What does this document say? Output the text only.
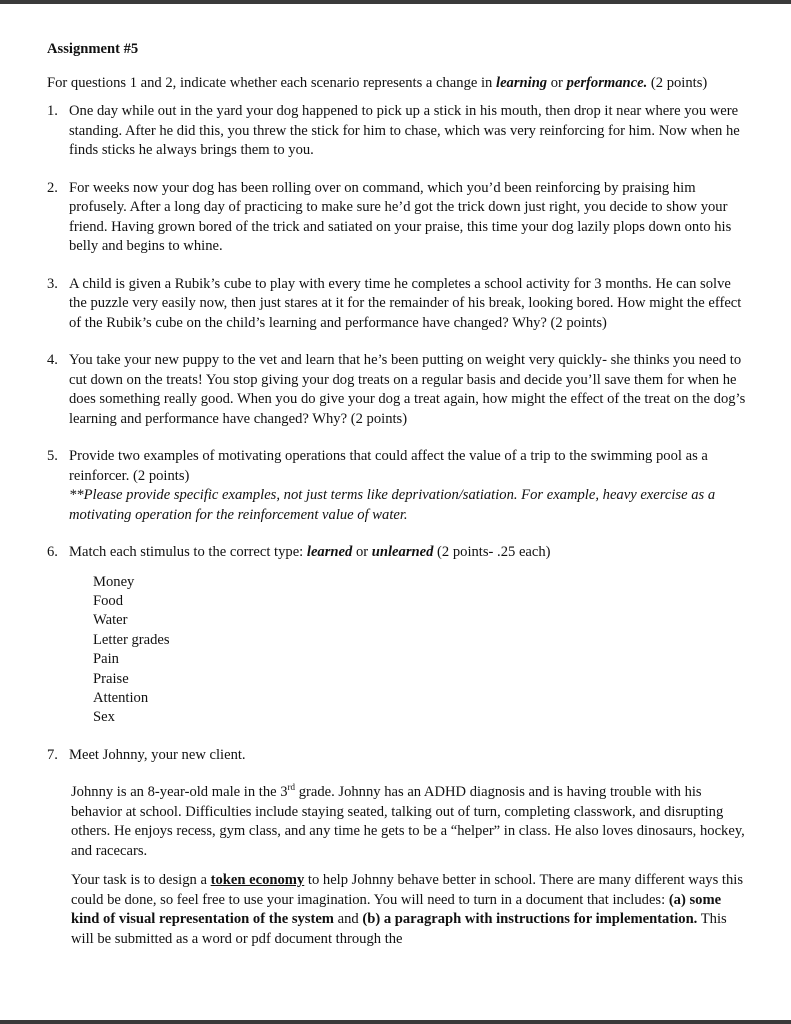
Assignment #5

For questions 1 and 2, indicate whether each scenario represents a change in learning or performance. (2 points)

1. One day while out in the yard your dog happened to pick up a stick in his mouth, then drop it near where you were standing. After he did this, you threw the stick for him to chase, which was very reinforcing for him. Now when he finds sticks he always brings them to you.

2. For weeks now your dog has been rolling over on command, which you’d been reinforcing by praising him profusely. After a long day of practicing to make sure he’d got the trick down just right, you decide to show your friend. Having grown bored of the trick and satiated on your praise, this time your dog lazily plops down onto his belly and begins to whine.

3. A child is given a Rubik’s cube to play with every time he completes a school activity for 3 months. He can solve the puzzle very easily now, then just stares at it for the remainder of his break, looking bored. How might the effect of the Rubik’s cube on the child’s learning and performance have changed? Why? (2 points)

4. You take your new puppy to the vet and learn that he’s been putting on weight very quickly- she thinks you need to cut down on the treats! You stop giving your dog treats on a regular basis and decide you’ll save them for when he does something really good. When you do give your dog a treat again, how might the effect of the treat on the dog’s learning and performance have changed? Why? (2 points)

5. Provide two examples of motivating operations that could affect the value of a trip to the swimming pool as a reinforcer. (2 points)

**Please provide specific examples, not just terms like deprivation/satiation. For example, heavy exercise as a motivating operation for the reinforcement value of water.

6. Match each stimulus to the correct type: learned or unlearned (2 points- .25 each)

Money
Food
Water
Letter grades
Pain
Praise
Attention
Sex
7. Meet Johnny, your new client.

Johnny is an 8-year-old male in the 3rd grade. Johnny has an ADHD diagnosis and is having trouble with his behavior at school. Difficulties include staying seated, talking out of turn, completing classwork, and disrupting others. He enjoys recess, gym class, and any time he gets to be a “helper” in class. He also loves dinosaurs, hockey, and racecars.

Your task is to design a token economy to help Johnny behave better in school. There are many different ways this could be done, so feel free to use your imagination. You will need to turn in a document that includes: (a) some kind of visual representation of the system and (b) a paragraph with instructions for implementation. This will be submitted as a word or pdf document through the
